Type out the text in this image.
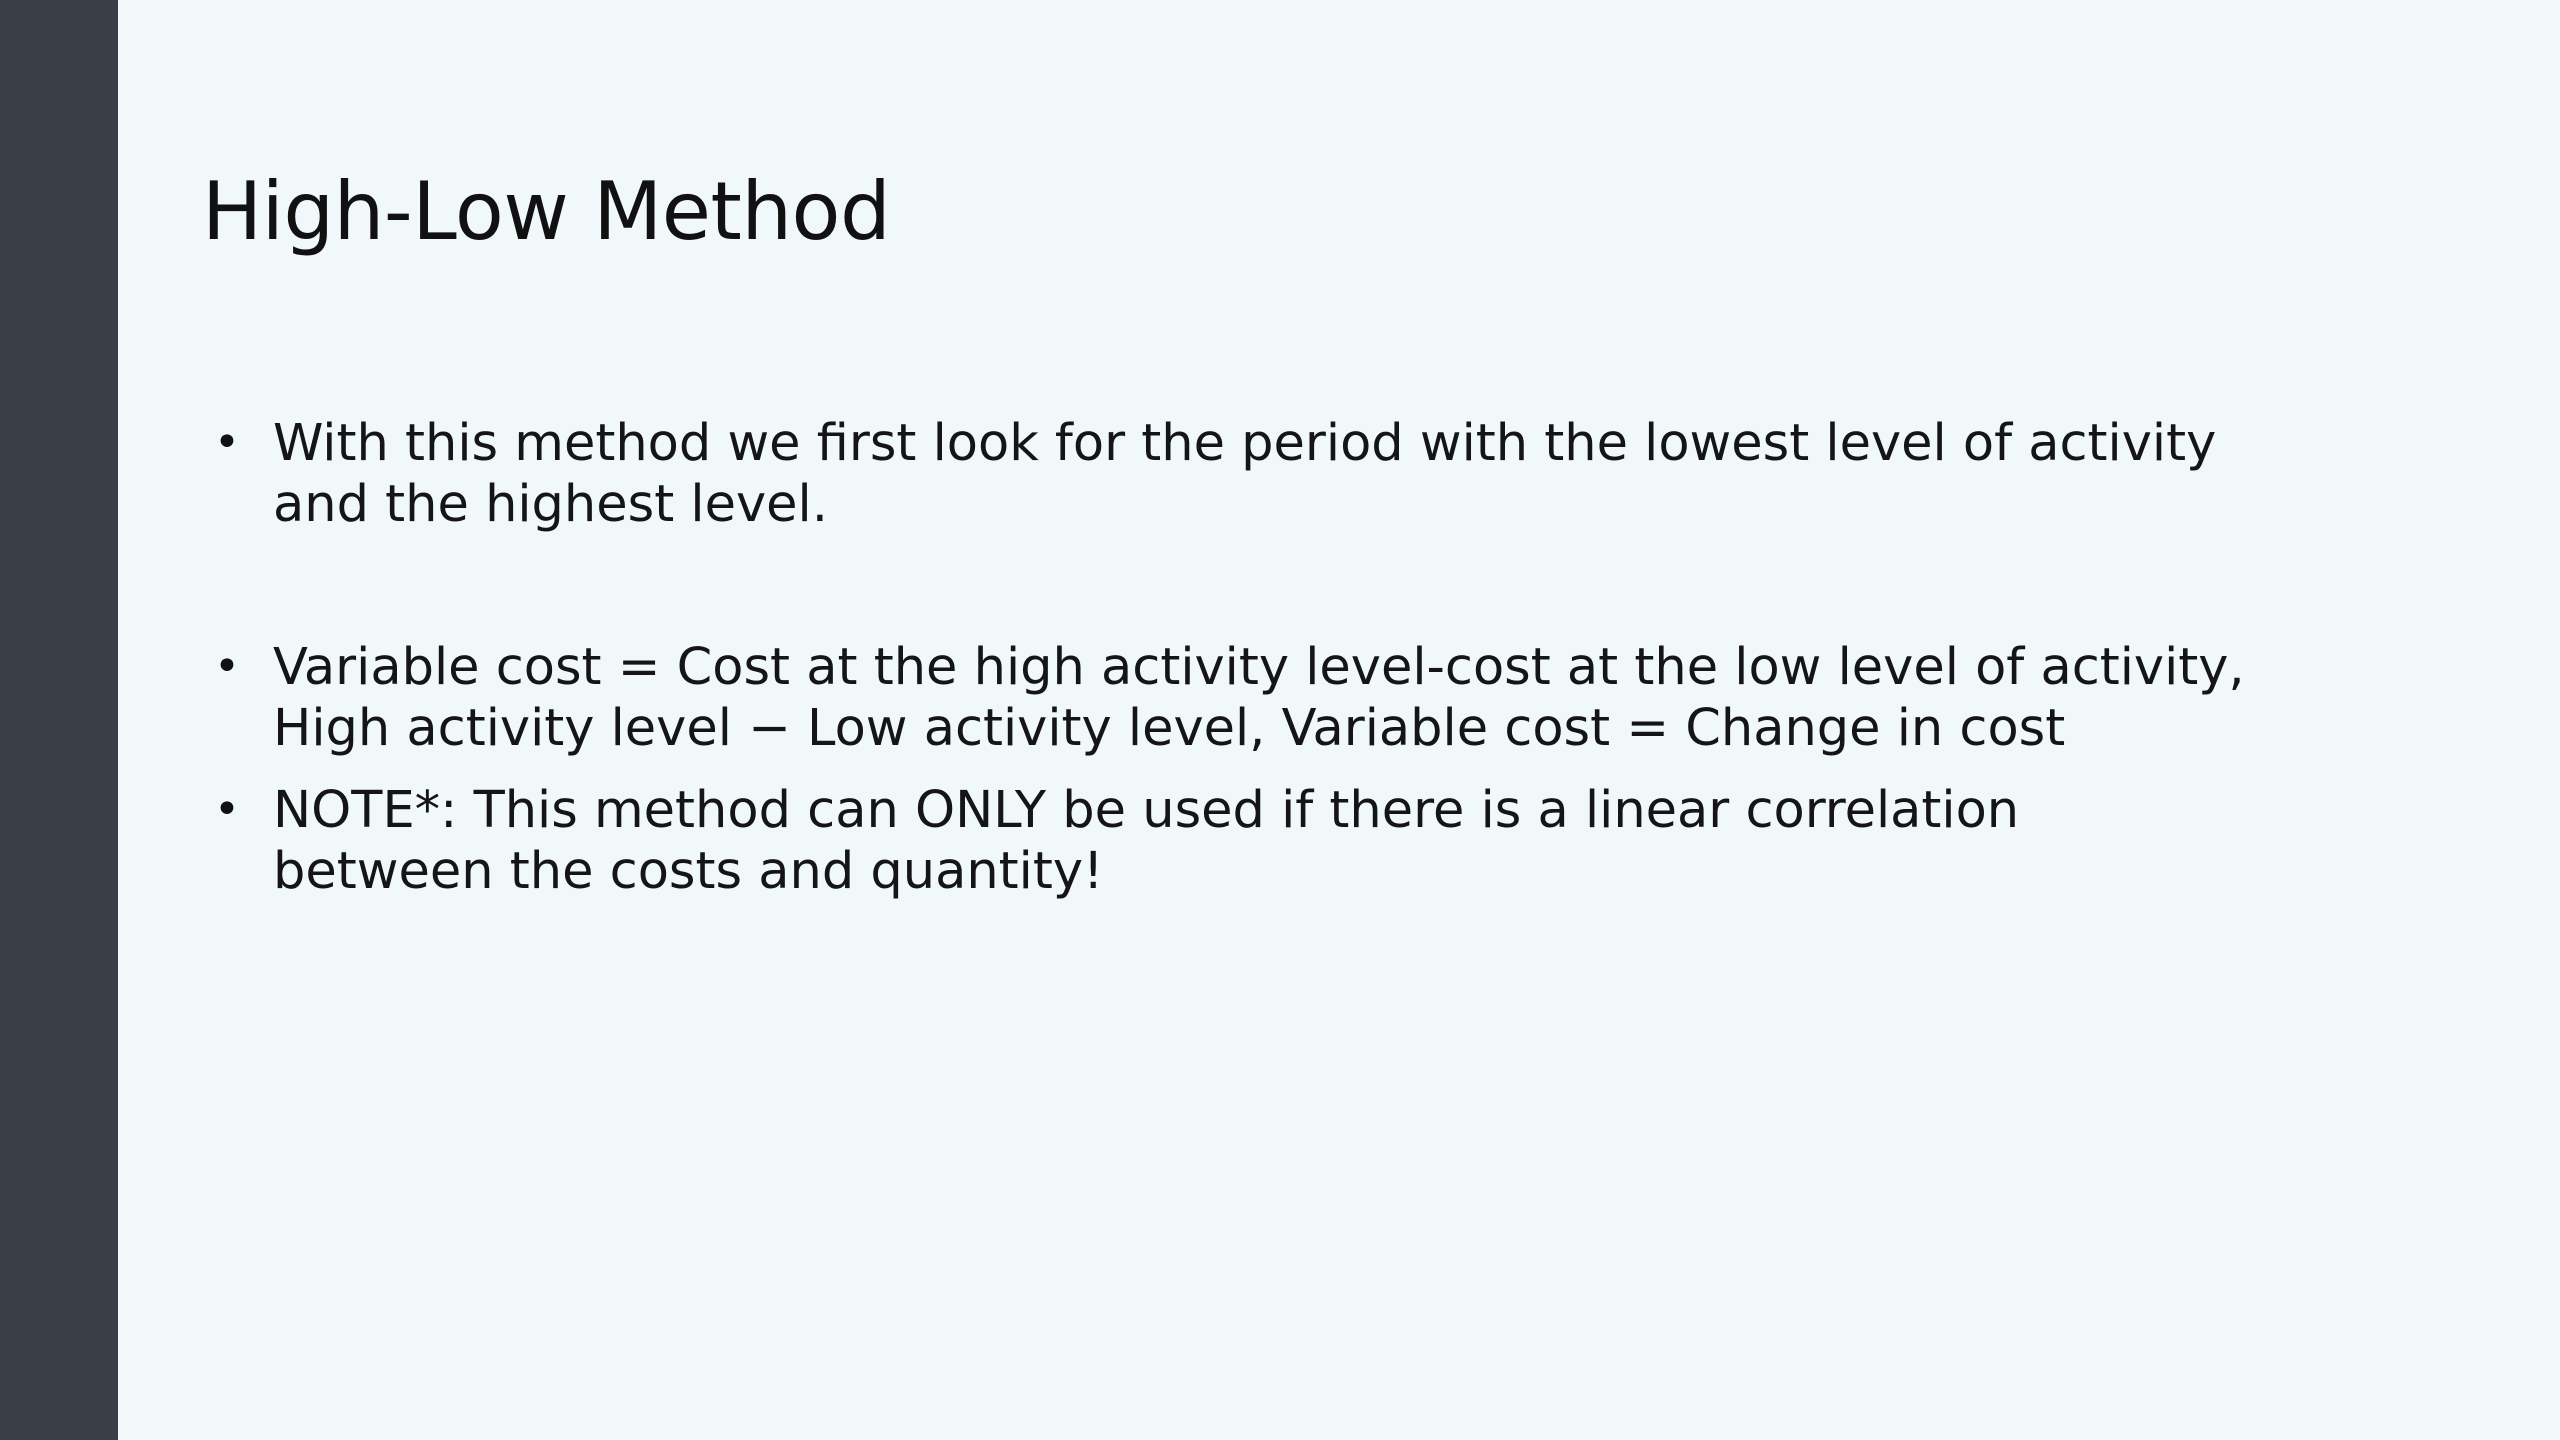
High-Low Method
• With this method we first look for the period with the lowest level of activity
and the highest level.
• Variable cost = Cost at the high activity level-cost at the low level of activity,
High activity level − Low activity level, Variable cost = Change in cost
• NOTE*: This method can ONLY be used if there is a linear correlation
between the costs and quantity!
